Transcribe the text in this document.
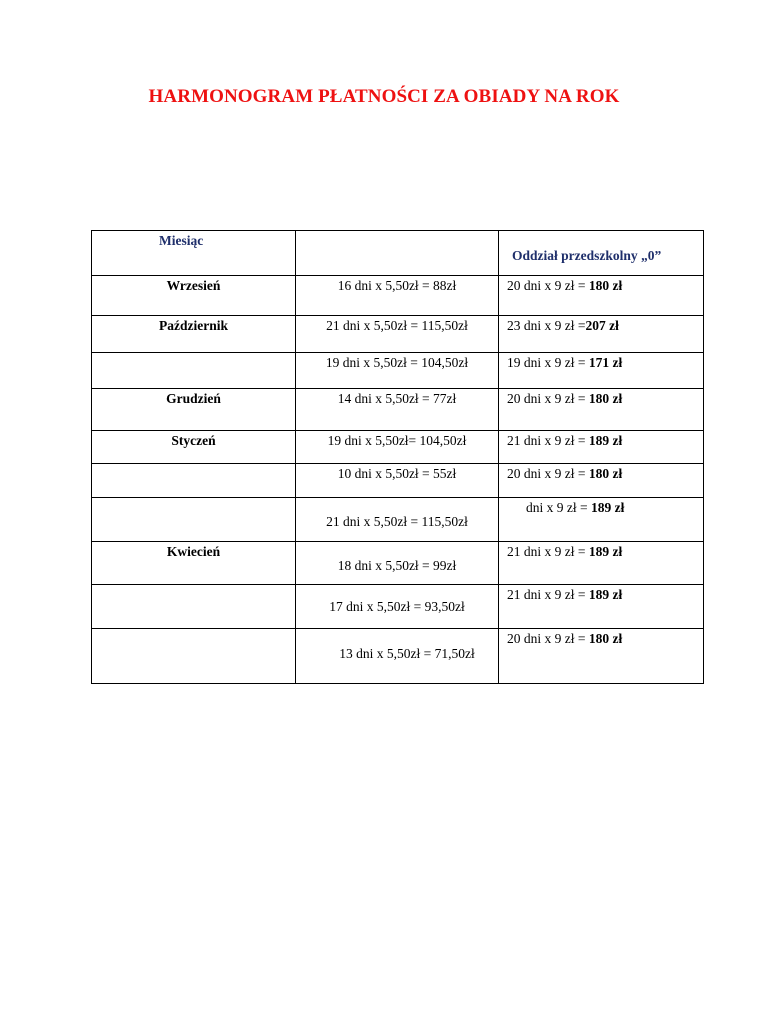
HARMONOGRAM PŁATNOŚCI ZA OBIADY NA ROK
Miesiąc		Oddział przedszkolny „0”
Wrzesień	16 dni x 5,50zł = 88zł	20 dni x 9 zł = 180 zł
Październik	21 dni x 5,50zł = 115,50zł	23 dni x 9 zł =207 zł
	19 dni x 5,50zł = 104,50zł	19 dni x 9 zł = 171 zł
Grudzień	14 dni x 5,50zł = 77zł	20 dni x 9 zł = 180 zł
Styczeń	19 dni x 5,50zł= 104,50zł	21 dni x 9 zł = 189 zł
	10 dni x 5,50zł = 55zł	20 dni x 9 zł = 180 zł
	21 dni x 5,50zł = 115,50zł	dni x 9 zł = 189 zł
Kwiecień	18 dni x 5,50zł = 99zł	21 dni x 9 zł = 189 zł
	17 dni x 5,50zł = 93,50zł	21 dni x 9 zł = 189 zł
	13 dni x 5,50zł = 71,50zł	20 dni x 9 zł = 180 zł
